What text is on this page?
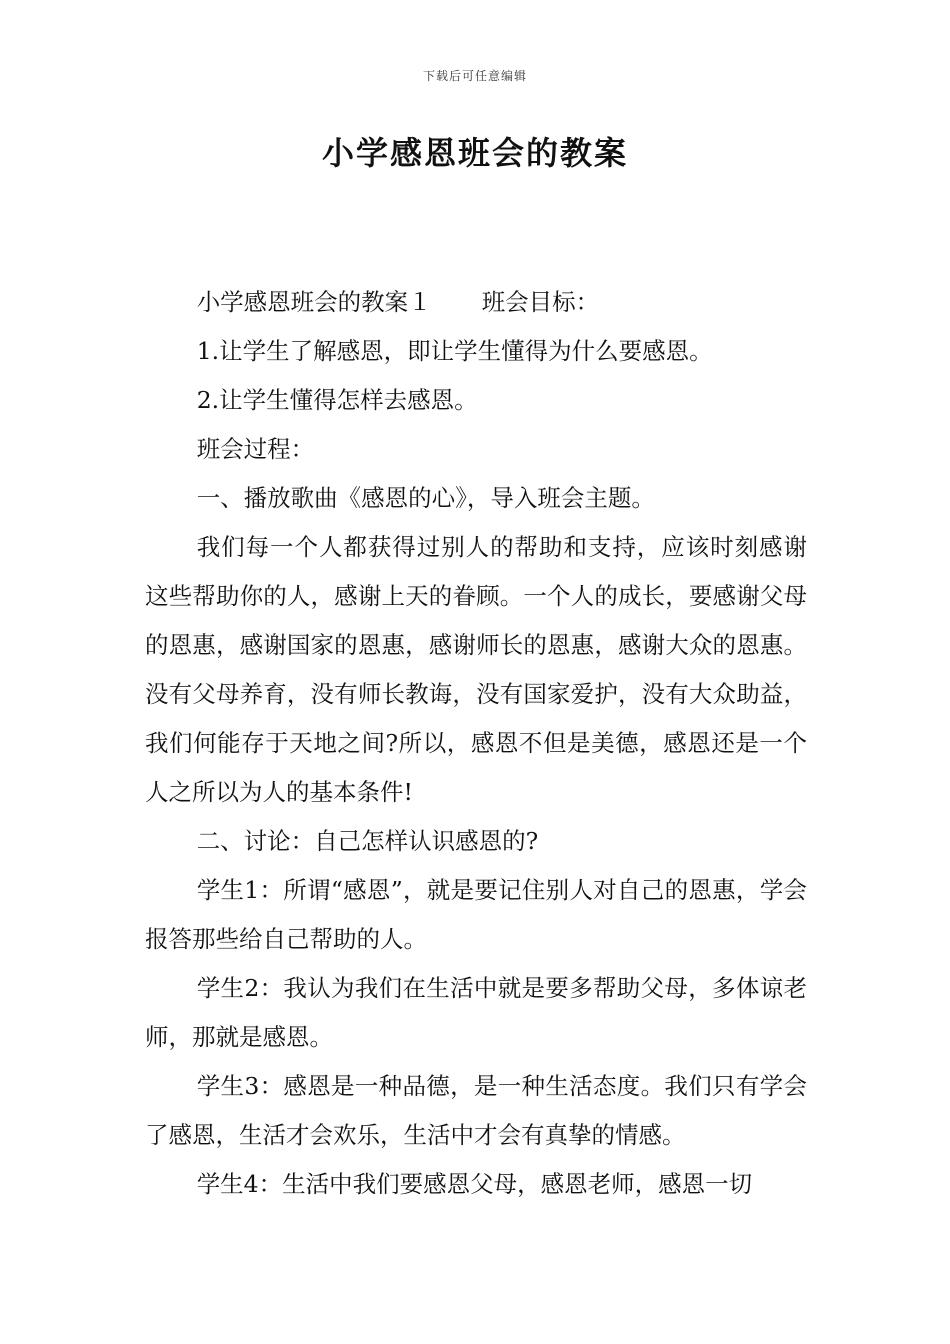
下载后可任意编辑
小学感恩班会的教案

小学感恩班会的教案１ 班会目标：

1.让学生了解感恩，即让学生懂得为什么要感恩。

2.让学生懂得怎样去感恩。

班会过程：

一、播放歌曲《感恩的心》，导入班会主题。

我们每一个人都获得过别人的帮助和支持，应该时刻感谢这些帮助你的人，感谢上天的眷顾。一个人的成长，要感谢父母的恩惠，感谢国家的恩惠，感谢师长的恩惠，感谢大众的恩惠。没有父母养育，没有师长教诲，没有国家爱护，没有大众助益，我们何能存于天地之间?所以，感恩不但是美德，感恩还是一个人之所以为人的基本条件!

二、讨论：自己怎样认识感恩的?

学生1：所谓“感恩”，就是要记住别人对自己的恩惠，学会报答那些给自己帮助的人。

学生2：我认为我们在生活中就是要多帮助父母，多体谅老师，那就是感恩。

学生3：感恩是一种品德，是一种生活态度。我们只有学会了感恩，生活才会欢乐，生活中才会有真挚的情感。

学生4：生活中我们要感恩父母，感恩老师，感恩一切
